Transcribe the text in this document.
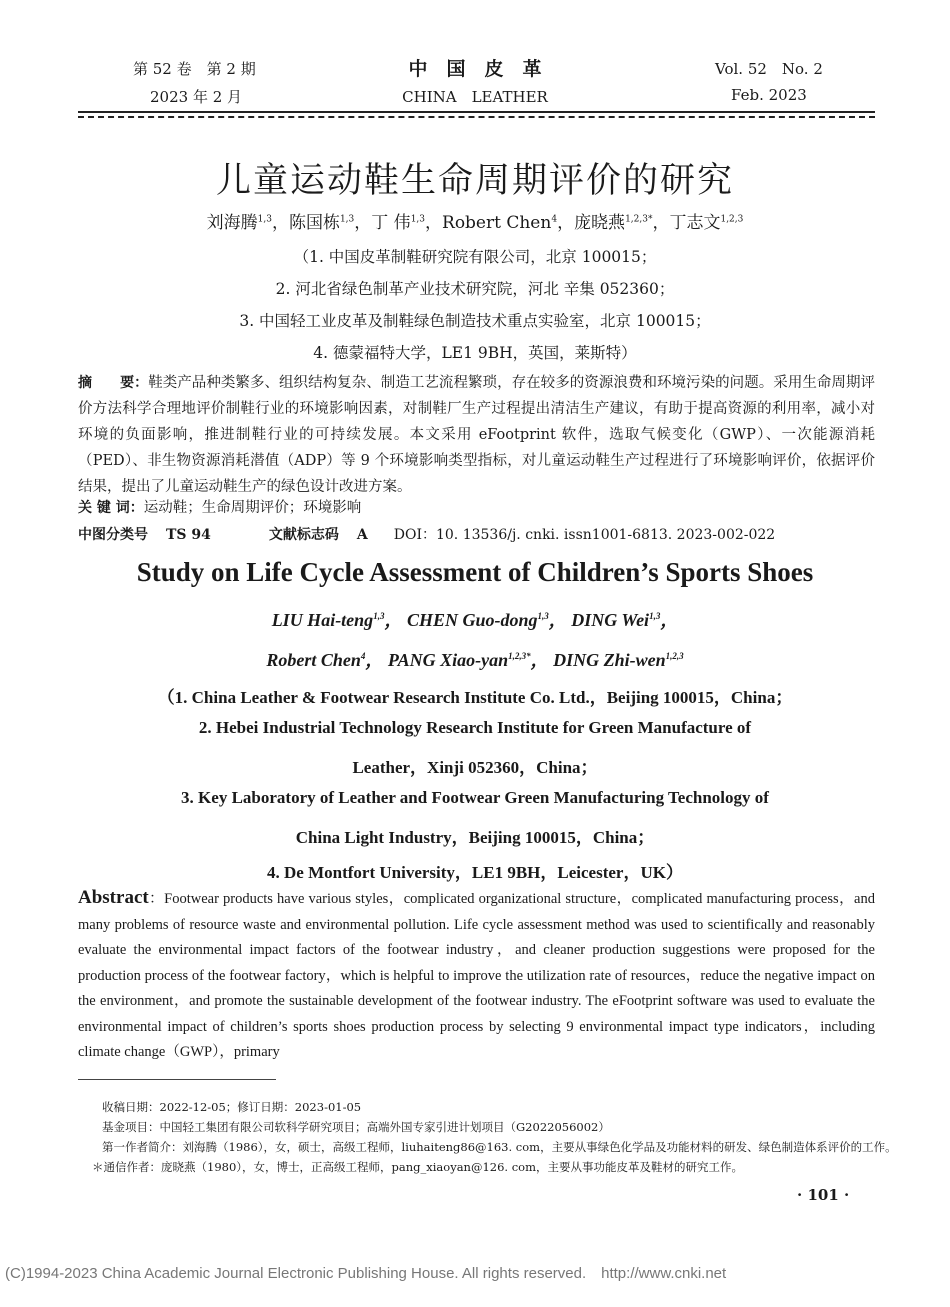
第 52 卷　第 2 期
2023 年 2 月
中　国　皮　革
CHINA　LEATHER
Vol. 52　No. 2
Feb. 2023
儿童运动鞋生命周期评价的研究
刘海腾$^{1,3}$，陈国栋$^{1,3}$，丁 伟$^{1,3}$，Robert Chen$^4$，庞晓燕$^{1,2,3*}$，丁志文$^{1,2,3}$
（1. 中国皮革制鞋研究院有限公司，北京 100015；
2. 河北省绿色制革产业技术研究院，河北 辛集 052360；
3. 中国轻工业皮革及制鞋绿色制造技术重点实验室，北京 100015；
4. 德蒙福特大学，LE1 9BH，英国，莱斯特）
摘　　要：鞋类产品种类繁多、组织结构复杂、制造工艺流程繁琐，存在较多的资源浪费和环境污染的问题。采用生命周期评价方法科学合理地评价制鞋行业的环境影响因素，对制鞋厂生产过程提出清洁生产建议，有助于提高资源的利用率，减小对环境的负面影响，推进制鞋行业的可持续发展。本文采用 eFootprint 软件，选取气候变化（GWP）、一次能源消耗（PED）、非生物资源消耗潜值（ADP）等 9 个环境影响类型指标，对儿童运动鞋生产过程进行了环境影响评价，依据评价结果，提出了儿童运动鞋生产的绿色设计改进方案。
关 键 词：运动鞋；生命周期评价；环境影响
中图分类号 TS 94	文献标志码 A DOI：10. 13536/j. cnki. issn1001-6813. 2023-002-022
Study on Life Cycle Assessment of Children’s Sports Shoes
LIU Hai-teng$^{1,3}$， CHEN Guo-dong$^{1,3}$， DING Wei$^{1,3}$，
Robert Chen$^4$， PANG Xiao-yan$^{1,2,3*}$， DING Zhi-wen$^{1,2,3}$
（1. China Leather & Footwear Research Institute Co. Ltd.，Beijing 100015，China；
2. Hebei Industrial Technology Research Institute for Green Manufacture of
Leather，Xinji 052360，China；
3. Key Laboratory of Leather and Footwear Green Manufacturing Technology of
China Light Industry，Beijing 100015，China；
4. De Montfort University，LE1 9BH，Leicester，UK）
Abstract：Footwear products have various styles，complicated organizational structure，complicated manufacturing process，and many problems of resource waste and environmental pollution. Life cycle assessment method was used to scientifically and reasonably evaluate the environmental impact factors of the footwear industry，and cleaner production suggestions were proposed for the production process of the footwear factory，which is helpful to improve the utilization rate of resources，reduce the negative impact on the environment，and promote the sustainable development of the footwear industry. The eFootprint software was used to evaluate the environmental impact of children’s sports shoes production process by selecting 9 environmental impact type indicators，including climate change（GWP），primary
收稿日期：2022-12-05；修订日期：2023-01-05
基金项目：中国轻工集团有限公司软科学研究项目；高端外国专家引进计划项目（G2022056002）
第一作者简介：刘海腾（1986），女，硕士，高级工程师，liuhaiteng86@163. com，主要从事绿色化学品及功能材料的研发、绿色制造体系评价的工作。
＊通信作者：庞晓燕（1980），女，博士，正高级工程师，pang_xiaoyan@126. com，主要从事功能皮革及鞋材的研究工作。
· 101 ·
(C)1994-2023 China Academic Journal Electronic Publishing House. All rights reserved.　http://www.cnki.net
